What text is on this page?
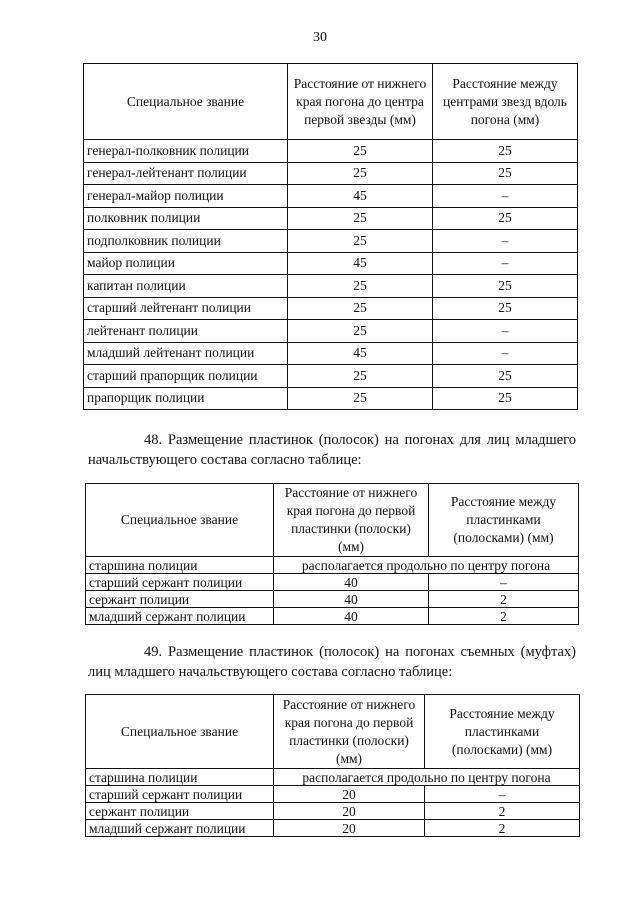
30
Специальное звание	Расстояние от нижнего края погона до центра первой звезды (мм)	Расстояние между центрами звезд вдоль погона (мм)
генерал-полковник полиции	25	25
генерал-лейтенант полиции	25	25
генерал-майор полиции	45	–
полковник полиции	25	25
подполковник полиции	25	–
майор полиции	45	–
капитан полиции	25	25
старший лейтенант полиции	25	25
лейтенант полиции	25	–
младший лейтенант полиции	45	–
старший прапорщик полиции	25	25
прапорщик полиции	25	25
48. Размещение пластинок (полосок) на погонах для лиц младшего
начальствующего состава согласно таблице:
Специальное звание	Расстояние от нижнего края погона до первой пластинки (полоски) (мм)	Расстояние между пластинками (полосками) (мм)
старшина полиции	располагается продольно по центру погона	
старший сержант полиции	40	–
сержант полиции	40	2
младший сержант полиции	40	2
49. Размещение пластинок (полосок) на погонах съемных (муфтах)
лиц младшего начальствующего состава согласно таблице:
Специальное звание	Расстояние от нижнего края погона до первой пластинки (полоски) (мм)	Расстояние между пластинками (полосками) (мм)
старшина полиции	располагается продольно по центру погона	
старший сержант полиции	20	–
сержант полиции	20	2
младший сержант полиции	20	2
